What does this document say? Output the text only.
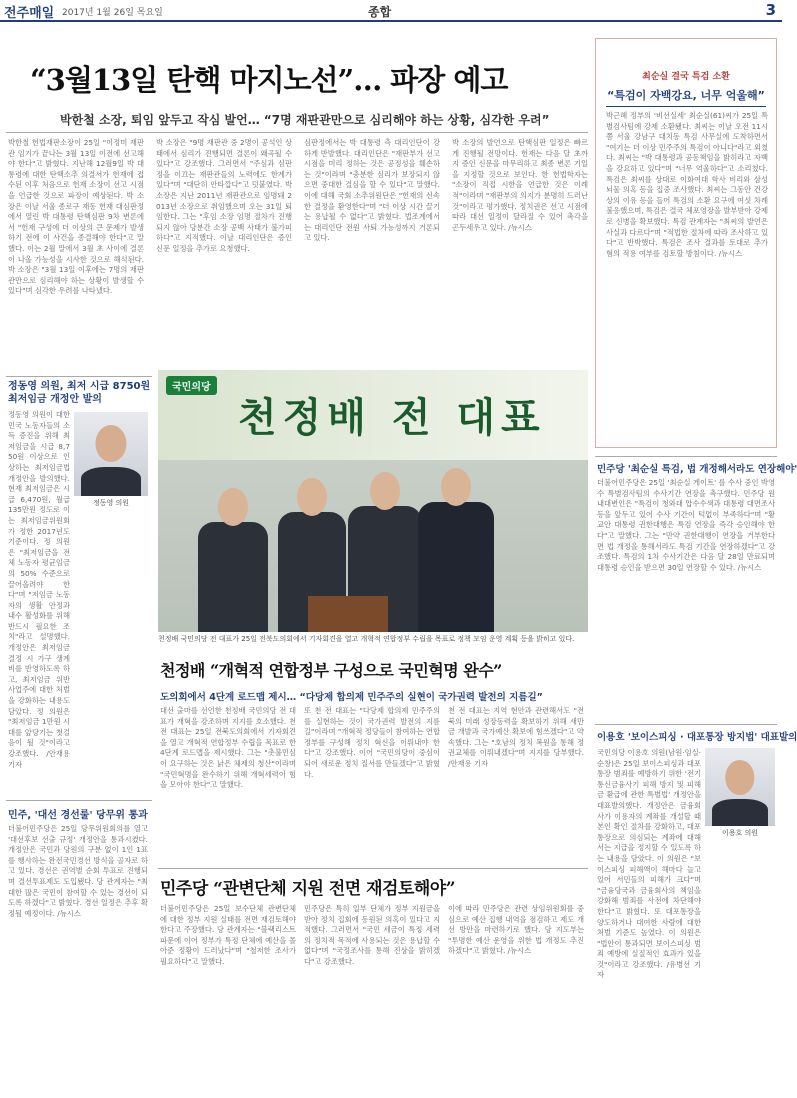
전주매일 2017년 1월 26일 목요일	종합	3
“3월13일 탄핵 마지노선”… 파장 예고
박한철 소장, 퇴임 앞두고 작심 발언… “7명 재판관만으로 심리해야 하는 상황, 심각한 우려”
박한철 헌법재판소장이 25일 "이정미 재판관 임기가 끝나는 3월 13일 이전에 선고해야 한다"고 밝혔다. 지난해 12월9일 박 대통령에 대한 탄핵소추 의결서가 헌재에 접수된 이후 처음으로 헌재 소장이 선고 시점을 언급한 것으로 파장이 예상된다. 박 소장은 이날 서울 종로구 재동 헌재 대심판정에서 열린 박 대통령 탄핵심판 9차 변론에서 "헌재 구성에 더 이상의 큰 문제가 발생하기 전에 이 사건을 종결해야 한다"고 말했다. 이는 2월 말에서 3월 초 사이에 결론이 나올 가능성을 시사한 것으로 해석된다. 박 소장은 "3월 13일 이후에는 7명의 재판관만으로 심리해야 하는 상황이 발생할 수 있다"며 심각한 우려를 나타냈다.
박 소장은 "9명 재판관 중 2명이 공석인 상태에서 심리가 진행되면 결론이 왜곡될 수 있다"고 강조했다. 그러면서 "주심과 심판정을 이끄는 재판관들의 노력에도 한계가 있다"며 "대단히 안타깝다"고 덧붙였다. 박 소장은 지난 2011년 재판관으로 임명돼 2013년 소장으로 취임했으며 오는 31일 퇴임한다. 그는 "후임 소장 임명 절차가 진행되지 않아 당분간 소장 공백 사태가 불가피하다"고 지적했다. 이날 대리인단은 증인 신문 일정을 추가로 요청했다.
심판정에서는 박 대통령 측 대리인단이 강하게 반발했다. 대리인단은 "재판부가 선고 시점을 미리 정하는 것은 공정성을 훼손하는 것"이라며 "충분한 심리가 보장되지 않으면 중대한 결심을 할 수 있다"고 말했다. 이에 대해 국회 소추위원단은 "헌재의 신속한 결정을 환영한다"며 "더 이상 시간 끌기는 용납될 수 없다"고 밝혔다. 법조계에서는 대리인단 전원 사퇴 가능성까지 거론되고 있다.
박 소장의 발언으로 탄핵심판 일정은 빠르게 진행될 전망이다. 헌재는 다음 달 초까지 증인 신문을 마무리하고 최종 변론 기일을 지정할 것으로 보인다. 한 헌법학자는 "소장이 직접 시한을 언급한 것은 이례적"이라며 "재판부의 의지가 분명히 드러난 것"이라고 평가했다. 정치권은 선고 시점에 따라 대선 일정이 달라질 수 있어 촉각을 곤두세우고 있다. /뉴시스
최순실 결국 특검 소환
“특검이 자백강요, 너무 억울해”
박근혜 정부의 '비선실세' 최순실(61)씨가 25일 특별검사팀에 강제 소환됐다. 최씨는 이날 오전 11시쯤 서울 강남구 대치동 특검 사무실에 도착하면서 "여기는 더 이상 민주주의 특검이 아니다"라고 외쳤다. 최씨는 "박 대통령과 공동책임을 밝히라고 자백을 강요하고 있다"며 "너무 억울하다"고 소리쳤다. 특검은 최씨를 상대로 이화여대 학사 비리와 삼성 뇌물 의혹 등을 집중 조사했다. 최씨는 그동안 건강상의 이유 등을 들어 특검의 소환 요구에 여섯 차례 불응했으며, 특검은 결국 체포영장을 발부받아 강제로 신병을 확보했다. 특검 관계자는 "최씨의 발언은 사실과 다르다"며 "적법한 절차에 따라 조사하고 있다"고 반박했다. 특검은 조사 결과를 토대로 추가 혐의 적용 여부를 검토할 방침이다. /뉴시스
정동영 의원, 최저 시급 8750원 최저임금 개정안 발의
정동영 의원
정동영 의원이 대한민국 노동자들의 소득 증진을 위해 최저임금을 시급 8,750원 이상으로 인상하는 최저임금법 개정안을 발의했다. 현재 최저임금은 시급 6,470원, 월급 135만원 정도로 이는 최저임금위원회가 정한 2017년도 기준이다. 정 의원은 "최저임금을 전체 노동자 평균임금의 50% 수준으로 끌어올려야 한다"며 "저임금 노동자의 생활 안정과 내수 활성화를 위해 반드시 필요한 조치"라고 설명했다. 개정안은 최저임금 결정 시 가구 생계비를 반영하도록 하고, 최저임금 위반 사업주에 대한 처벌을 강화하는 내용도 담았다. 정 의원은 "최저임금 1만원 시대를 앞당기는 첫걸음이 될 것"이라고 강조했다. /안재용 기자
민주, '대선 경선룰' 당무위 통과
더불어민주당은 25일 당무위원회의를 열고 '대선후보 선출 규정' 개정안을 통과시켰다. 개정안은 국민과 당원의 구분 없이 1인 1표를 행사하는 완전국민경선 방식을 골자로 하고 있다. 경선은 권역별 순회 투표로 진행되며 결선투표제도 도입됐다. 당 관계자는 "최대한 많은 국민이 참여할 수 있는 경선이 되도록 하겠다"고 밝혔다. 경선 일정은 추후 확정될 예정이다. /뉴시스
국민의당
천정배 전 대표
천정배 국민의당 전 대표가 25일 전북도의회에서 기자회견을 열고 개혁적 연합정부 수립을 목표로 정책 모임 운영 계획 등을 밝히고 있다.
천정배 “개혁적 연합정부 구성으로 국민혁명 완수”
도의회에서 4단계 로드맵 제시… “다당제 합의제 민주주의 실현이 국가권력 발전의 지름길”
대선 출마를 선언한 천정배 국민의당 전 대표가 개혁을 강조하며 지지를 호소했다. 천 전 대표는 25일 전북도의회에서 기자회견을 열고 개혁적 연합정부 수립을 목표로 한 4단계 로드맵을 제시했다. 그는 "촛불민심이 요구하는 것은 낡은 체제의 청산"이라며 "국민혁명을 완수하기 위해 개혁세력이 힘을 모아야 한다"고 말했다.
또 천 전 대표는 "다당제 합의제 민주주의를 실현하는 것이 국가권력 발전의 지름길"이라며 "개혁적 정당들이 참여하는 연합정부를 구성해 정치 혁신을 이뤄내야 한다"고 강조했다. 이어 "국민의당이 중심이 되어 새로운 정치 질서를 만들겠다"고 밝혔다.
천 전 대표는 지역 현안과 관련해서도 "전북의 미래 성장동력을 확보하기 위해 새만금 개발과 국가예산 확보에 힘쓰겠다"고 약속했다. 그는 "호남의 정치 복원을 통해 정권교체를 이뤄내겠다"며 지지를 당부했다. /안재용 기자
민주당 “관변단체 지원 전면 재검토해야”
더불어민주당은 25일 보수단체 관변단체에 대한 정부 지원 실태를 전면 재검토해야 한다고 주장했다. 당 관계자는 "블랙리스트 파문에 이어 정부가 특정 단체에 예산을 몰아준 정황이 드러났다"며 "철저한 조사가 필요하다"고 말했다.
민주당은 특히 일부 단체가 정부 지원금을 받아 정치 집회에 동원된 의혹이 있다고 지적했다. 그러면서 "국민 세금이 특정 세력의 정치적 목적에 사용되는 것은 용납할 수 없다"며 "국정조사를 통해 진상을 밝히겠다"고 강조했다.
이에 따라 민주당은 관련 상임위원회를 중심으로 예산 집행 내역을 점검하고 제도 개선 방안을 마련하기로 했다. 당 지도부는 "투명한 예산 운영을 위한 법 개정도 추진하겠다"고 밝혔다. /뉴시스
민주당 '최순실 특검, 법 개정해서라도 연장해야'
더불어민주당은 25일 '최순실 게이트' 를 수사 중인 박영수 특별검사팀의 수사기간 연장을 촉구했다. 민주당 원내대변인은 "특검이 청와대 압수수색과 대통령 대면조사 등을 앞두고 있어 수사 기간이 턱없이 부족하다"며 "황교안 대통령 권한대행은 특검 연장을 즉각 승인해야 한다"고 말했다. 그는 "만약 권한대행이 연장을 거부한다면 법 개정을 통해서라도 특검 기간을 연장하겠다"고 강조했다. 특검의 1차 수사기간은 다음 달 28일 만료되며 대통령 승인을 받으면 30일 연장할 수 있다. /뉴시스
이용호 '보이스피싱 · 대포통장 방지법' 대표발의
이용호 의원
국민의당 이용호 의원(남원·임실·순창)은 25일 보이스피싱과 대포통장 범죄를 예방하기 위한 '전기통신금융사기 피해 방지 및 피해금 환급에 관한 특별법' 개정안을 대표발의했다. 개정안은 금융회사가 이용자의 계좌를 개설할 때 본인 확인 절차를 강화하고, 대포통장으로 의심되는 계좌에 대해서는 지급을 정지할 수 있도록 하는 내용을 담았다. 이 의원은 "보이스피싱 피해액이 해마다 늘고 있어 서민들의 피해가 크다"며 "금융당국과 금융회사의 책임을 강화해 범죄를 사전에 차단해야 한다"고 밝혔다. 또 대포통장을 양도하거나 대여한 사람에 대한 처벌 기준도 높였다. 이 의원은 "법안이 통과되면 보이스피싱 범죄 예방에 실질적인 효과가 있을 것"이라고 강조했다. /유병선 기자
